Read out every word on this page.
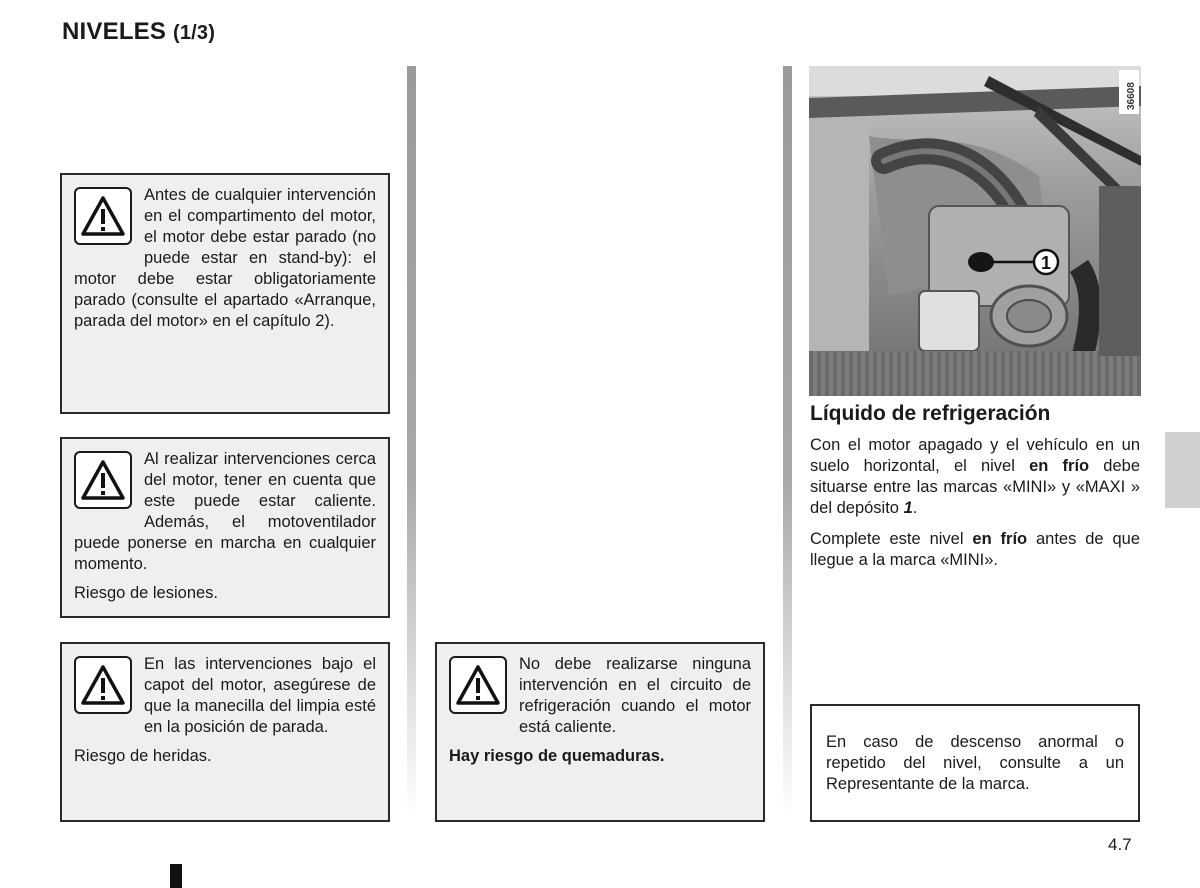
NIVELES (1/3)

Antes de cualquier intervención en el compartimento del motor, el motor debe estar parado (no puede estar en stand-by): el motor debe estar obligatoriamente parado (consulte el apartado «Arranque, parada del motor» en el capítulo 2).

Al realizar intervenciones cerca del motor, tener en cuenta que este puede estar caliente. Además, el motoventilador puede ponerse en marcha en cualquier momento.

Riesgo de lesiones.

En las intervenciones bajo el capot del motor, asegúrese de que la manecilla del limpia esté en la posición de parada.

Riesgo de heridas.

No debe realizarse ninguna intervención en el circuito de refrigeración cuando el motor está caliente.

Hay riesgo de quemaduras.

1
36608
Líquido de refrigeración

Con el motor apagado y el vehículo en un suelo horizontal, el nivel en frío debe situarse entre las marcas «MINI» y «MAXI » del depósito 1.

Complete este nivel en frío antes de que llegue a la marca «MINI».

En caso de descenso anormal o repetido del nivel, consulte a un Representante de la marca.

4.7
